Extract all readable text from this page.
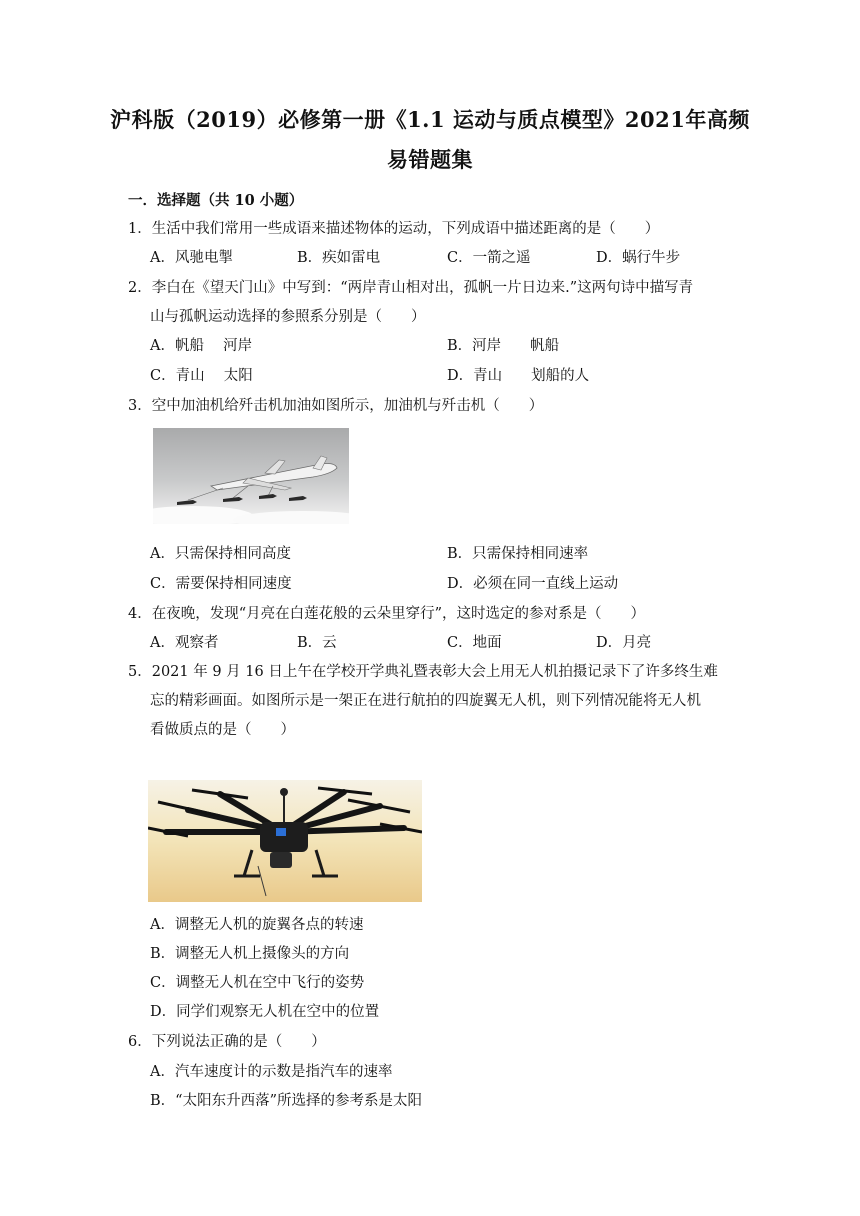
沪科版（2019）必修第一册《1.1 运动与质点模型》2021年高频
易错题集
一．选择题（共 10 小题）
1．生活中我们常用一些成语来描述物体的运动，下列成语中描述距离的是（　　）
A．风驰电掣	B．疾如雷电	C．一箭之遥	D．蜗行牛步
2．李白在《望天门山》中写到：“两岸青山相对出，孤帆一片日边来.”这两句诗中描写青
山与孤帆运动选择的参照系分别是（　　）
A．帆船　 河岸	B．河岸　　帆船
C．青山　 太阳	D．青山　　划船的人
3．空中加油机给歼击机加油如图所示，加油机与歼击机（　　）
A．只需保持相同高度	B．只需保持相同速率
C．需要保持相同速度	D．必须在同一直线上运动
4．在夜晚，发现“月亮在白莲花般的云朵里穿行”，这时选定的参对系是（　　）
A．观察者	B．云	C．地面	D．月亮
5．2021 年 9 月 16 日上午在学校开学典礼暨表彰大会上用无人机拍摄记录下了许多终生难
忘的精彩画面。如图所示是一架正在进行航拍的四旋翼无人机，则下列情况能将无人机
看做质点的是（　　）
A．调整无人机的旋翼各点的转速
B．调整无人机上摄像头的方向
C．调整无人机在空中飞行的姿势
D．同学们观察无人机在空中的位置
6．下列说法正确的是（　　）
A．汽车速度计的示数是指汽车的速率
B．“太阳东升西落”所选择的参考系是太阳
